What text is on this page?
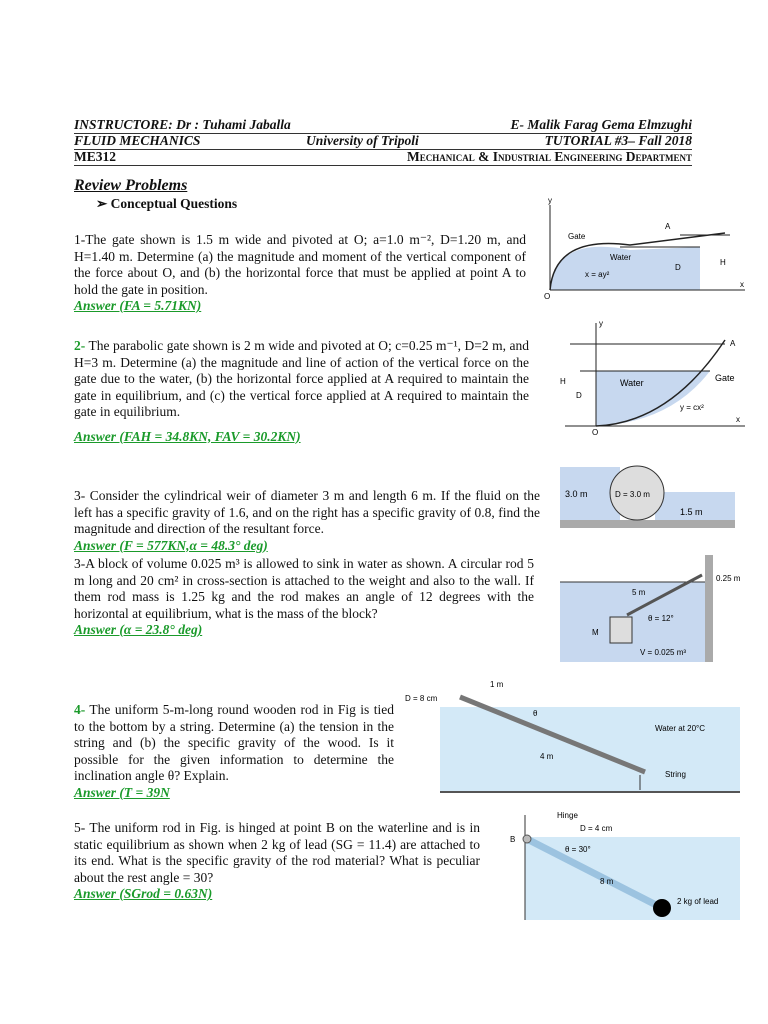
INSTRUCTORE: Dr : Tuhami Jaballa	E- Malik Farag Gema Elmzughi
FLUID MECHANICS	University of Tripoli	TUTORIAL #3– Fall 2018
ME312	Mechanical & Industrial Engineering Department
Review Problems
➢ Conceptual Questions
1-The gate shown is 1.5 m wide and pivoted at O; a=1.0 m⁻², D=1.20 m, and H=1.40 m. Determine (a) the magnitude and moment of the vertical component of the force about O, and (b) the horizontal force that must be applied at point A to hold the gate in position.
Answer (FA = 5.71KN)
2- The parabolic gate shown is 2 m wide and pivoted at O; c=0.25 m⁻¹, D=2 m, and H=3 m. Determine (a) the magnitude and line of action of the vertical force on the gate due to the water, (b) the horizontal force applied at A required to maintain the gate in equilibrium, and (c) the vertical force applied at A required to maintain the gate in equilibrium.
Answer (FAH = 34.8KN, FAV = 30.2KN)
3- Consider the cylindrical weir of diameter 3 m and length 6 m. If the fluid on the left has a specific gravity of 1.6, and on the right has a specific gravity of 0.8, find the magnitude and direction of the resultant force.
Answer (F = 577KN,α = 48.3° deg)
3-A block of volume 0.025 m³ is allowed to sink in water as shown. A circular rod 5 m long and 20 cm² in cross-section is attached to the weight and also to the wall. If them rod mass is 1.25 kg and the rod makes an angle of 12 degrees with the horizontal at equilibrium, what is the mass of the block?
Answer (α = 23.8° deg)
4- The uniform 5-m-long round wooden rod in Fig is tied to the bottom by a string. Determine (a) the tension in the string and (b) the specific gravity of the wood. Is it possible for the given information to determine the inclination angle θ? Explain.
Answer (T = 39N
5- The uniform rod in Fig. is hinged at point B on the waterline and is in static equilibrium as shown when 2 kg of lead (SG = 11.4) are attached to its end. What is the specific gravity of the rod material? What is peculiar about the rest angle = 30?
Answer (SGrod = 0.63N)
y
Gate
Water
x = ay²
A
D
H
O
x
y
A
H
D
Water	Gate
y = cx²
O
x
3.0 m	D = 3.0 m
1.5 m
5 m
0.25 m
θ = 12°
M
V = 0.025 m³
1 m
D = 8 cm
θ
4 m
Water at 20°C
String
Hinge
B
D = 4 cm
θ = 30°
8 m
2 kg of lead
